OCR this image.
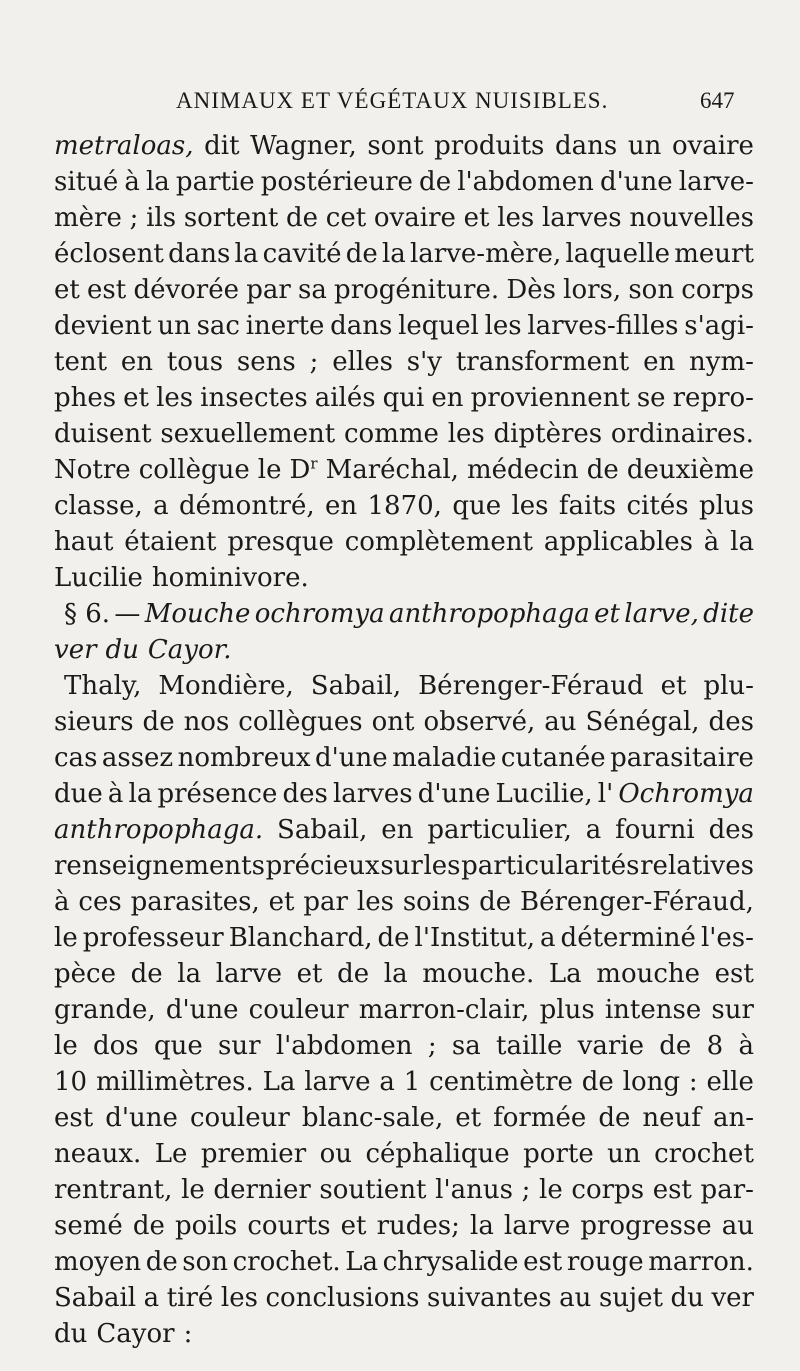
ANIMAUX ET VÉGÉTAUX NUISIBLES.	647
metraloas, dit Wagner, sont produits dans un ovaire
situé à la partie postérieure de l'abdomen d'une larve-
mère ; ils sortent de cet ovaire et les larves nouvelles
éclosent dans la cavité de la larve-mère, laquelle meurt
et est dévorée par sa progéniture. Dès lors, son corps
devient un sac inerte dans lequel les larves-filles s'agi-
tent en tous sens ; elles s'y transforment en nym-
phes et les insectes ailés qui en proviennent se repro-
duisent sexuellement comme les diptères ordinaires.
Notre collègue le $D^r$ Maréchal, médecin de deuxième
classe, a démontré, en 1870, que les faits cités plus
haut étaient presque complètement applicables à la
Lucilie hominivore.
§ 6. — Mouche ochromya anthropophaga et larve, dite
ver du Cayor.
Thaly, Mondière, Sabail, Bérenger-Féraud et plu-
sieurs de nos collègues ont observé, au Sénégal, des
cas assez nombreux d'une maladie cutanée parasitaire
due à la présence des larves d'une Lucilie, l' Ochromya
anthropophaga. Sabail, en particulier, a fourni des
renseignements précieux sur les particularités relatives
à ces parasites, et par les soins de Bérenger-Féraud,
le professeur Blanchard, de l'Institut, a déterminé l'es-
pèce de la larve et de la mouche. La mouche est
grande, d'une couleur marron-clair, plus intense sur
le dos que sur l'abdomen ; sa taille varie de 8 à
10 millimètres. La larve a 1 centimètre de long : elle
est d'une couleur blanc-sale, et formée de neuf an-
neaux. Le premier ou céphalique porte un crochet
rentrant, le dernier soutient l'anus ; le corps est par-
semé de poils courts et rudes; la larve progresse au
moyen de son crochet. La chrysalide est rouge marron.
Sabail a tiré les conclusions suivantes au sujet du ver
du Cayor :
